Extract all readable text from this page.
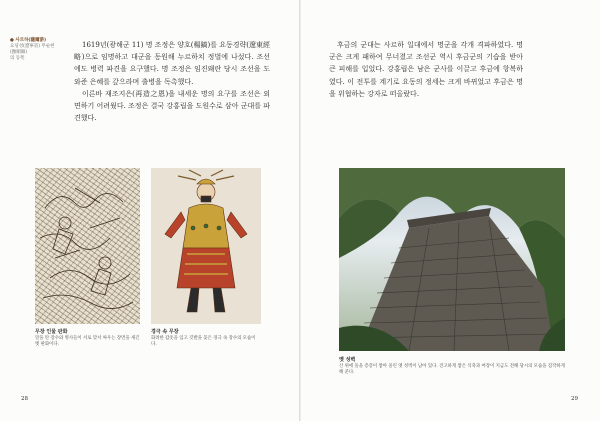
● 사르하(薩爾滸)
요녕성(遼寧省) 무순현(撫順縣)
의 동쪽

1619년(광해군 11) 명 조정은 양호(楊鎬)를 요동경략(遼東經略)으로 임명하고 대군을 동원해 누르하치 정벌에 나섰다. 조선에도 병력 파견을 요구했다. 명 조정은 임진왜란 당시 조선을 도와준 은혜를 갚으라며 출병을 독촉했다.

이른바 재조지은(再造之恩)을 내세운 명의 요구를 조선은 외면하기 어려웠다. 조정은 결국 강홍립을 도원수로 삼아 군대를 파견했다.

무장 인물 판화
말을 탄 장수와 병사들이 서로 맞서 싸우는 장면을 새긴 옛 판화이다.
경극 속 무장
화려한 갑옷을 입고 깃발을 꽂은 경극 속 장수의 모습이다.
28

후금의 군대는 사르하 일대에서 명군을 각개 격파하였다. 명군은 크게 패하여 무너졌고 조선군 역시 후금군의 기습을 받아 큰 피해를 입었다. 강홍립은 남은 군사를 이끌고 후금에 항복하였다. 이 전투를 계기로 요동의 정세는 크게 바뀌었고 후금은 명을 위협하는 강자로 떠올랐다.

옛 성벽
산 위에 돌을 층층이 쌓아 올린 옛 성벽이 남아 있다. 견고하게 쌓은 석축과 여장이 지금도 전해 당시의 모습을 짐작하게 해 준다.
29
